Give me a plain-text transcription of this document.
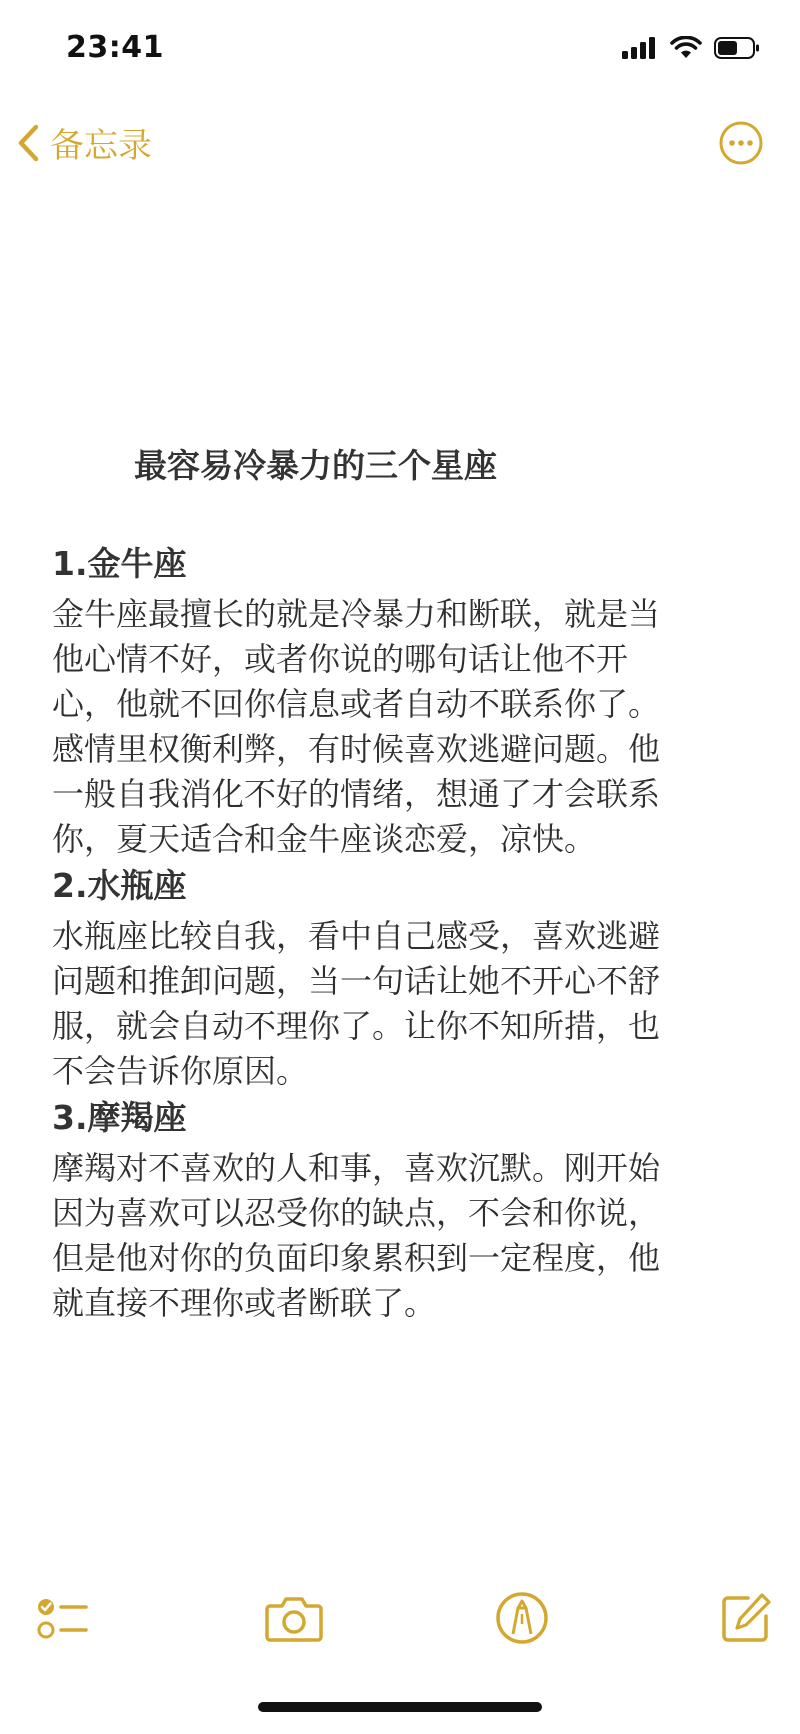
23:41
备忘录
最容易冷暴力的三个星座
1.金牛座
金牛座最擅长的就是冷暴力和断联，就是当
他心情不好，或者你说的哪句话让他不开
心，他就不回你信息或者自动不联系你了。
感情里权衡利弊，有时候喜欢逃避问题。他
一般自我消化不好的情绪，想通了才会联系
你，夏天适合和金牛座谈恋爱，凉快。
2.水瓶座
水瓶座比较自我，看中自己感受，喜欢逃避
问题和推卸问题，当一句话让她不开心不舒
服，就会自动不理你了。让你不知所措，也
不会告诉你原因。
3.摩羯座
摩羯对不喜欢的人和事，喜欢沉默。刚开始
因为喜欢可以忍受你的缺点，不会和你说，
但是他对你的负面印象累积到一定程度，他
就直接不理你或者断联了。
